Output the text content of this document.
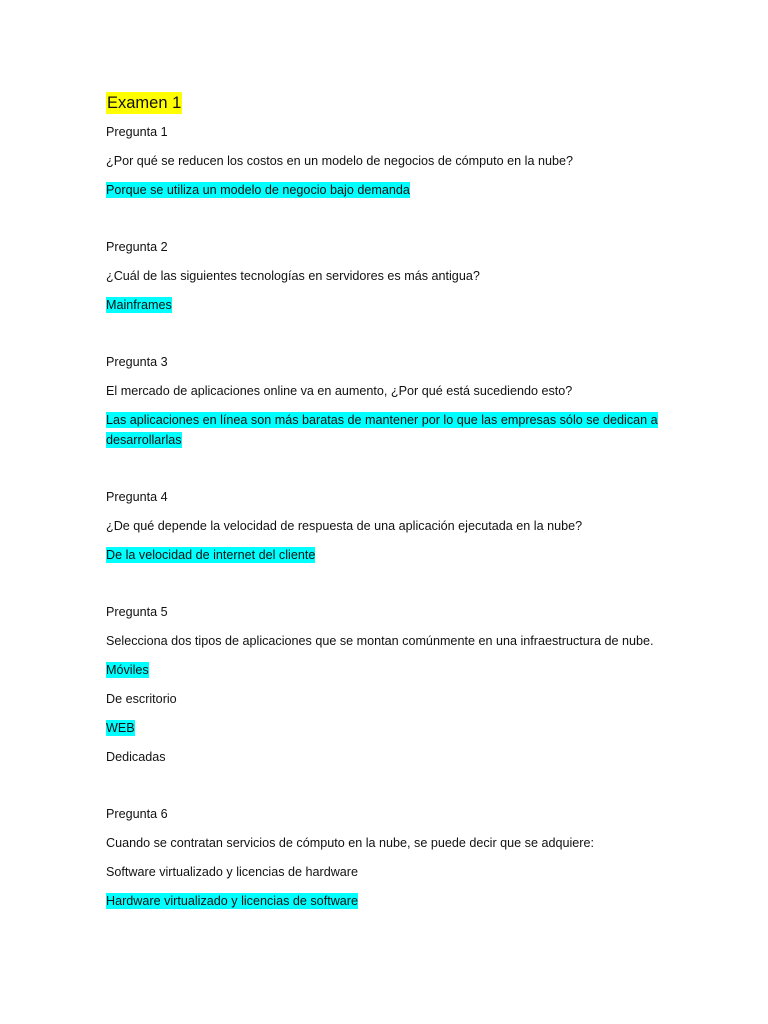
Examen 1

Pregunta 1

¿Por qué se reducen los costos en un modelo de negocios de cómputo en la nube?

Porque se utiliza un modelo de negocio bajo demanda

Pregunta 2

¿Cuál de las siguientes tecnologías en servidores es más antigua?

Mainframes

Pregunta 3

El mercado de aplicaciones online va en aumento, ¿Por qué está sucediendo esto?

Las aplicaciones en línea son más baratas de mantener por lo que las empresas sólo se dedican a desarrollarlas

Pregunta 4

¿De qué depende la velocidad de respuesta de una aplicación ejecutada en la nube?

De la velocidad de internet del cliente

Pregunta 5

Selecciona dos tipos de aplicaciones que se montan comúnmente en una infraestructura de nube.

Móviles

De escritorio

WEB

Dedicadas

Pregunta 6

Cuando se contratan servicios de cómputo en la nube, se puede decir que se adquiere:

Software virtualizado y licencias de hardware

Hardware virtualizado y licencias de software
